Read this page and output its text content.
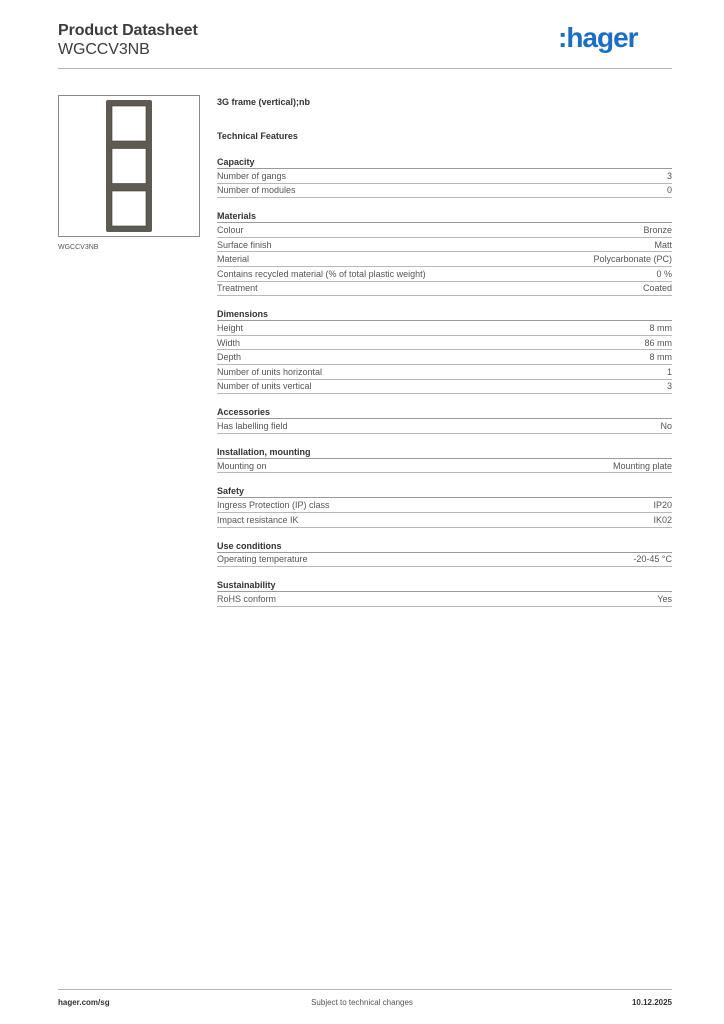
Product Datasheet
WGCCV3NB	:hager
WGCCV3NB
3G frame (vertical);nb
Technical Features
Capacity
Number of gangs	3
Number of modules	0
Materials
Colour	Bronze
Surface finish	Matt
Material	Polycarbonate (PC)
Contains recycled material (% of total plastic weight)	0 %
Treatment	Coated
Dimensions
Height	8 mm
Width	86 mm
Depth	8 mm
Number of units horizontal	1
Number of units vertical	3
Accessories
Has labelling field	No
Installation, mounting
Mounting on	Mounting plate
Safety
Ingress Protection (IP) class	IP20
Impact resistance IK	IK02
Use conditions
Operating temperature	-20-45 °C
Sustainability
RoHS conform	Yes
hager.com/sg	Subject to technical changes	10.12.2025
